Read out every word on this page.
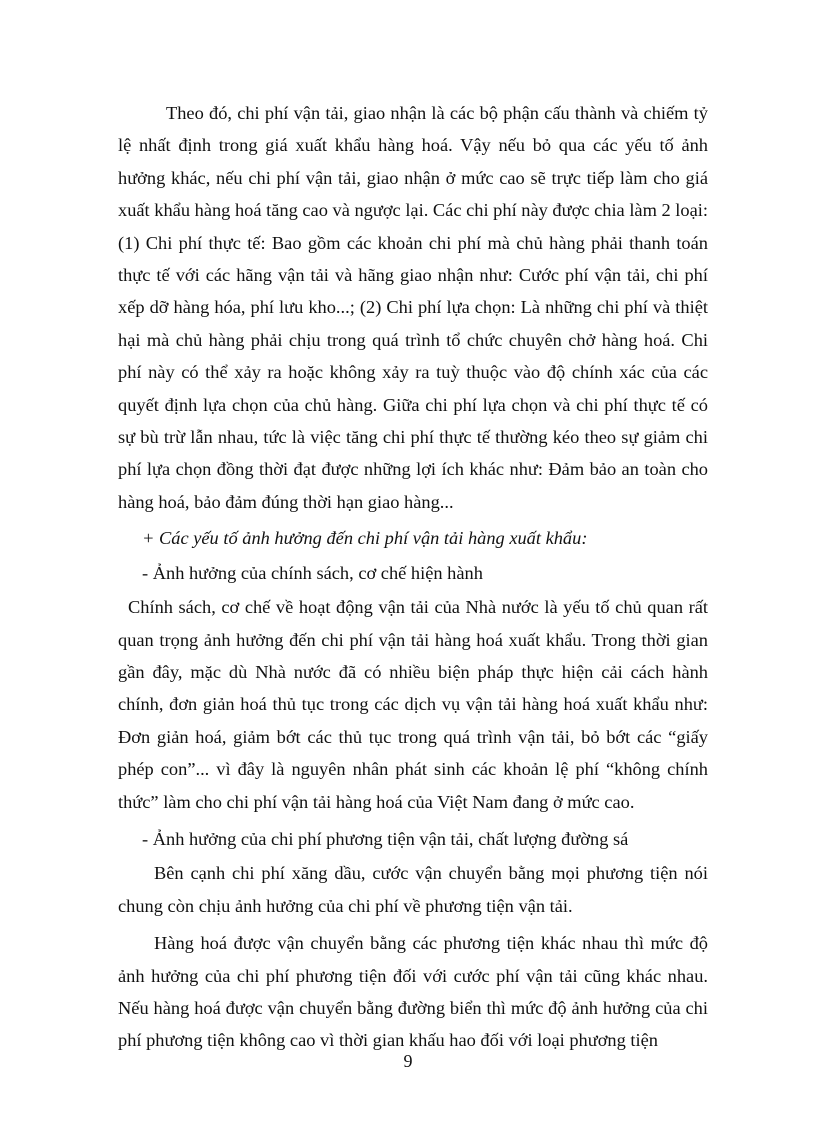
Theo đó, chi phí vận tải, giao nhận là các bộ phận cấu thành và chiếm tỷ lệ nhất định trong giá xuất khẩu hàng hoá. Vậy nếu bỏ qua các yếu tố ảnh hưởng khác, nếu chi phí vận tải, giao nhận ở mức cao sẽ trực tiếp làm cho giá xuất khẩu hàng hoá tăng cao và ngược lại. Các chi phí này được chia làm 2 loại: (1) Chi phí thực tế: Bao gồm các khoản chi phí mà chủ hàng phải thanh toán thực tế với các hãng vận tải và hãng giao nhận như: Cước phí vận tải, chi phí xếp dỡ hàng hóa, phí lưu kho...; (2) Chi phí lựa chọn: Là những chi phí và thiệt hại mà chủ hàng phải chịu trong quá trình tổ chức chuyên chở hàng hoá. Chi phí này có thể xảy ra hoặc không xảy ra tuỳ thuộc vào độ chính xác của các quyết định lựa chọn của chủ hàng. Giữa chi phí lựa chọn và chi phí thực tế có sự bù trừ lẫn nhau, tức là việc tăng chi phí thực tế thường kéo theo sự giảm chi phí lựa chọn đồng thời đạt được những lợi ích khác như: Đảm bảo an toàn cho hàng hoá, bảo đảm đúng thời hạn giao hàng...

+ Các yếu tố ảnh hưởng đến chi phí vận tải hàng xuất khẩu:

- Ảnh hưởng của chính sách, cơ chế hiện hành

Chính sách, cơ chế về hoạt động vận tải của Nhà nước là yếu tố chủ quan rất quan trọng ảnh hưởng đến chi phí vận tải hàng hoá xuất khẩu. Trong thời gian gần đây, mặc dù Nhà nước đã có nhiều biện pháp thực hiện cải cách hành chính, đơn giản hoá thủ tục trong các dịch vụ vận tải hàng hoá xuất khẩu như: Đơn giản hoá, giảm bớt các thủ tục trong quá trình vận tải, bỏ bớt các “giấy phép con”... vì đây là nguyên nhân phát sinh các khoản lệ phí “không chính thức” làm cho chi phí vận tải hàng hoá của Việt Nam đang ở mức cao.

- Ảnh hưởng của chi phí phương tiện vận tải, chất lượng đường sá

Bên cạnh chi phí xăng dầu, cước vận chuyển bằng mọi phương tiện nói chung còn chịu ảnh hưởng của chi phí về phương tiện vận tải.

Hàng hoá được vận chuyển bằng các phương tiện khác nhau thì mức độ ảnh hưởng của chi phí phương tiện đối với cước phí vận tải cũng khác nhau. Nếu hàng hoá được vận chuyển bằng đường biển thì mức độ ảnh hưởng của chi phí phương tiện không cao vì thời gian khấu hao đối với loại phương tiện

9
